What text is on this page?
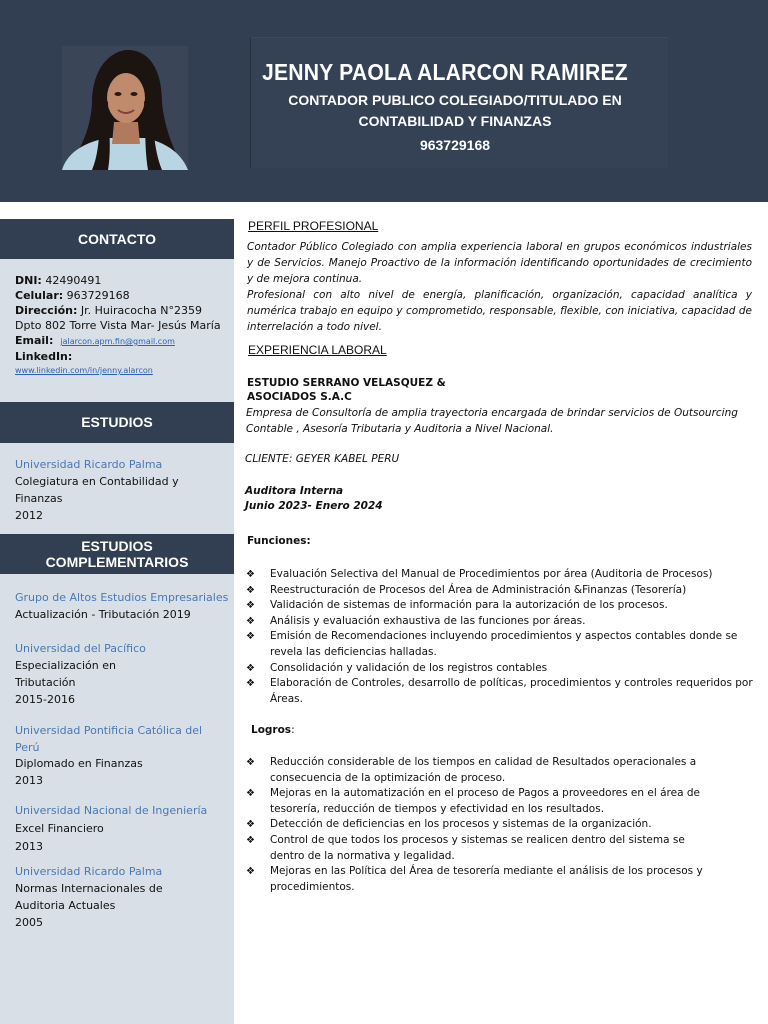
JENNY PAOLA ALARCON RAMIREZ
CONTADOR PUBLICO COLEGIADO/TITULADO EN
CONTABILIDAD Y FINANZAS
963729168
CONTACTO
DNI: 42490491
Celular: 963729168
Dirección: Jr. Huiracocha N°2359 Dpto 802 Torre Vista Mar- Jesús María
Email: jalarcon.apm.fin@gmail.com
LinkedIn:
www.linkedin.com/in/jenny.alarcon
ESTUDIOS
Universidad Ricardo Palma
Colegiatura en Contabilidad y Finanzas
2012
ESTUDIOS
COMPLEMENTARIOS
Grupo de Altos Estudios Empresariales
Actualización - Tributación 2019
Universidad del Pacífico
Especialización en Tributación
2015-2016
Universidad Pontificia Católica del Perú
Diplomado en Finanzas
2013
Universidad Nacional de Ingeniería
Excel Financiero
2013
Universidad Ricardo Palma
Normas Internacionales de Auditoria Actuales
2005
PERFIL PROFESIONAL
Contador Público Colegiado con amplia experiencia laboral en grupos económicos industriales y de Servicios. Manejo Proactivo de la información identificando oportunidades de crecimiento y de mejora continua.
Profesional con alto nivel de energía, planificación, organización, capacidad analítica y numérica trabajo en equipo y comprometido, responsable, flexible, con iniciativa, capacidad de interrelación a todo nivel.
EXPERIENCIA LABORAL
ESTUDIO SERRANO VELASQUEZ &
ASOCIADOS S.A.C
Empresa de Consultoría de amplia trayectoria encargada de brindar servicios de Outsourcing Contable , Asesoría Tributaria y Auditoria a Nivel Nacional.
CLIENTE: GEYER KABEL PERU
Auditora Interna
Junio 2023- Enero 2024
Funciones:
❖ Evaluación Selectiva del Manual de Procedimientos por área (Auditoria de Procesos)
❖ Reestructuración de Procesos del Área de Administración &Finanzas (Tesorería)
❖ Validación de sistemas de información para la autorización de los procesos.
❖ Análisis y evaluación exhaustiva de las funciones por áreas.
❖ Emisión de Recomendaciones incluyendo procedimientos y aspectos contables donde se revela las deficiencias halladas.
❖ Consolidación y validación de los registros contables
❖ Elaboración de Controles, desarrollo de políticas, procedimientos y controles requeridos por Áreas.
Logros:
❖ Reducción considerable de los tiempos en calidad de Resultados operacionales a consecuencia de la optimización de proceso.
❖ Mejoras en la automatización en el proceso de Pagos a proveedores en el área de tesorería, reducción de tiempos y efectividad en los resultados.
❖ Detección de deficiencias en los procesos y sistemas de la organización.
❖ Control de que todos los procesos y sistemas se realicen dentro del sistema se dentro de la normativa y legalidad.
❖ Mejoras en las Política del Área de tesorería mediante el análisis de los procesos y procedimientos.
